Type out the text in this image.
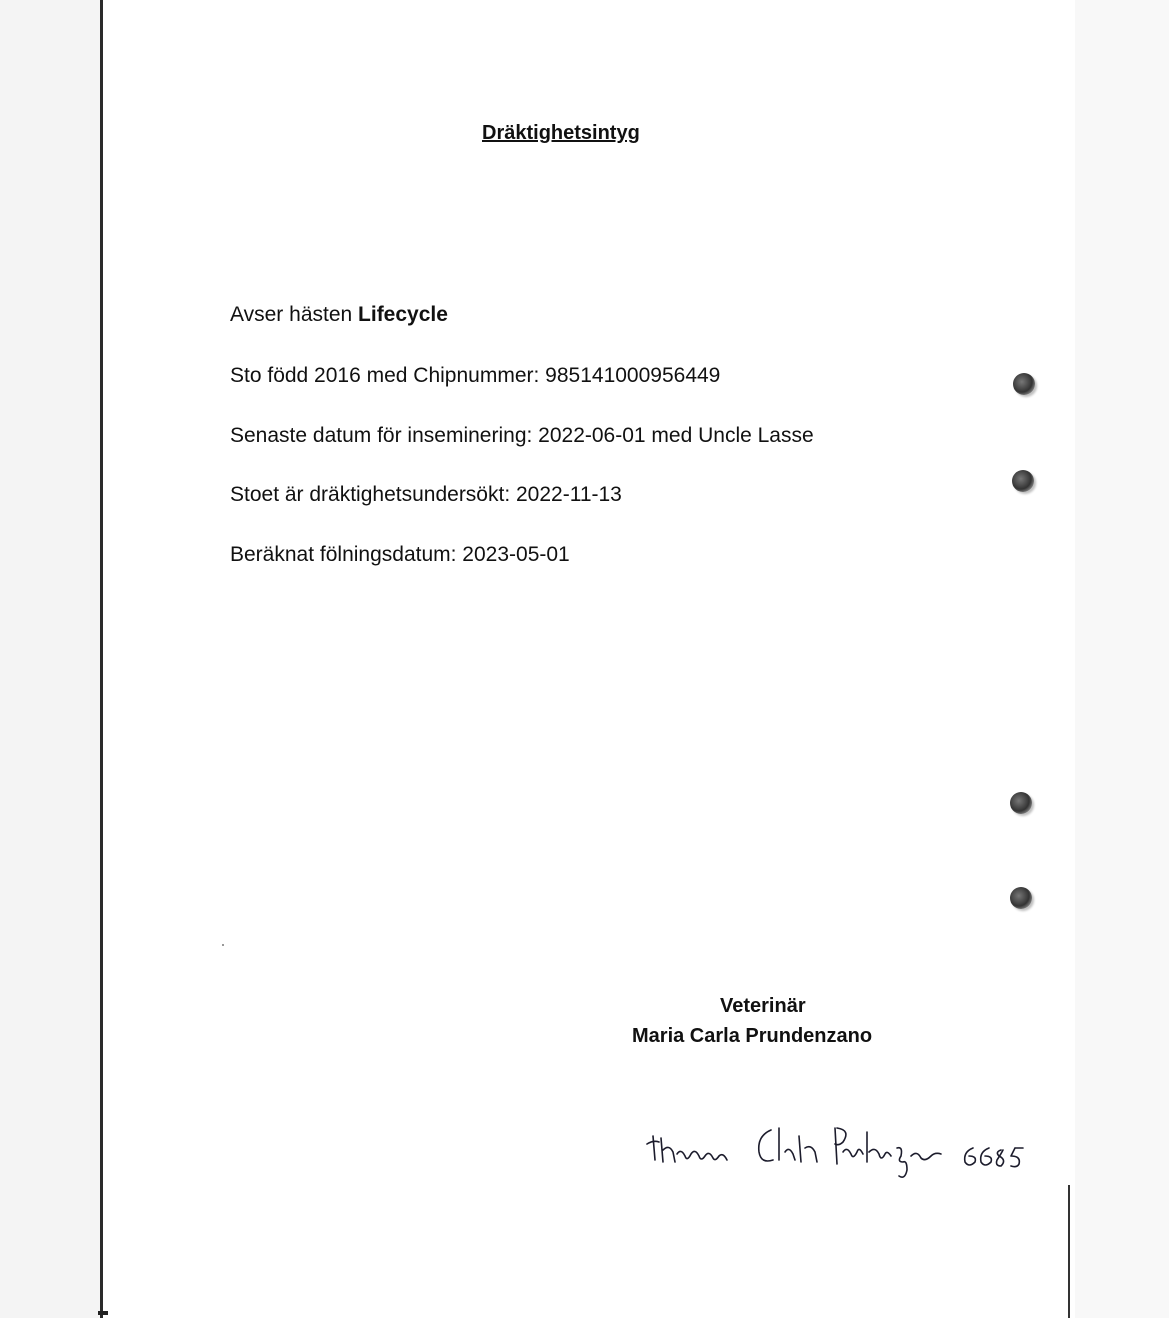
Dräktighetsintyg
Avser hästen Lifecycle
Sto född 2016 med Chipnummer: 985141000956449
Senaste datum för inseminering: 2022-06-01 med Uncle Lasse
Stoet är dräktighetsundersökt: 2022-11-13
Beräknat fölningsdatum: 2023-05-01
Veterinär
Maria Carla Prundenzano
